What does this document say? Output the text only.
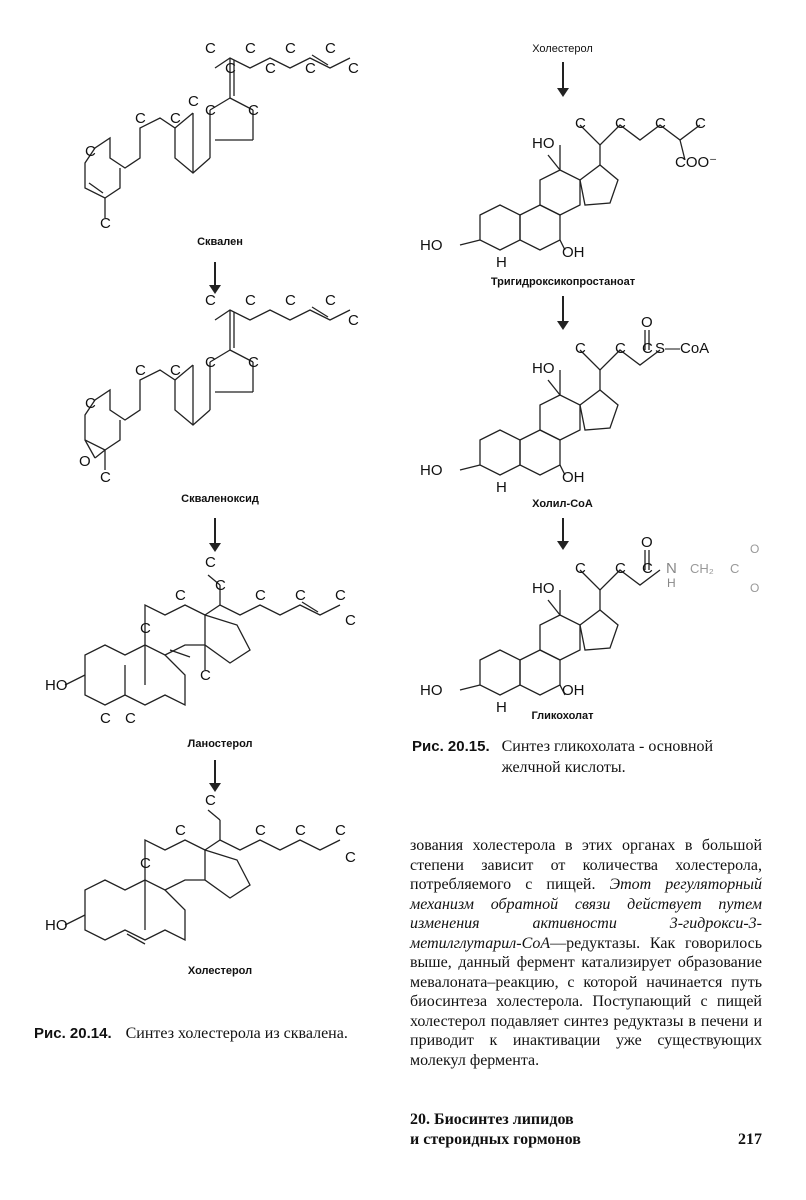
C
C
C
C
C
C
C
C
C
C
C
C
C
C
C
Сквален
C C C C
C
C
C
C
C
C
O
C
Скваленоксид
C
C
C C C
C
C
C
C
HO
C C
Ланостерол
C
C C C
C
C
C
HO
Холестерол
Рис. 20.14. Синтез холестерола из сквалена.
Холестерол
HO
C C C C
COO⁻
HO	OH
H
Тригидроксикопростаноат
HO
C C
O
C S—CoA
HO	OH
H
Холил-CoA
HO
C C
O
C N
H
CH₂ C
O
O
HO	OH
H	Гликохолат
Рис. 20.15. Синтез гликохолата - основной желчной кислоты.
зования холестерола в этих органах в большой степени зависит от количества холестерола, потребляемого с пищей. Этот регуляторный механизм обратной связи действует путем изменения активности 3-гидрокси-3-метилглутарил-СоА—редуктазы. Как говорилось выше, данный фермент катализирует образование мевалоната–реакцию, с которой начинается путь биосинтеза холестерола. Поступающий с пищей холестерол подавляет синтез редуктазы в печени и приводит к инактивации уже существующих молекул фермента.
20. Биосинтез липидов
и стероидных гормонов	217
